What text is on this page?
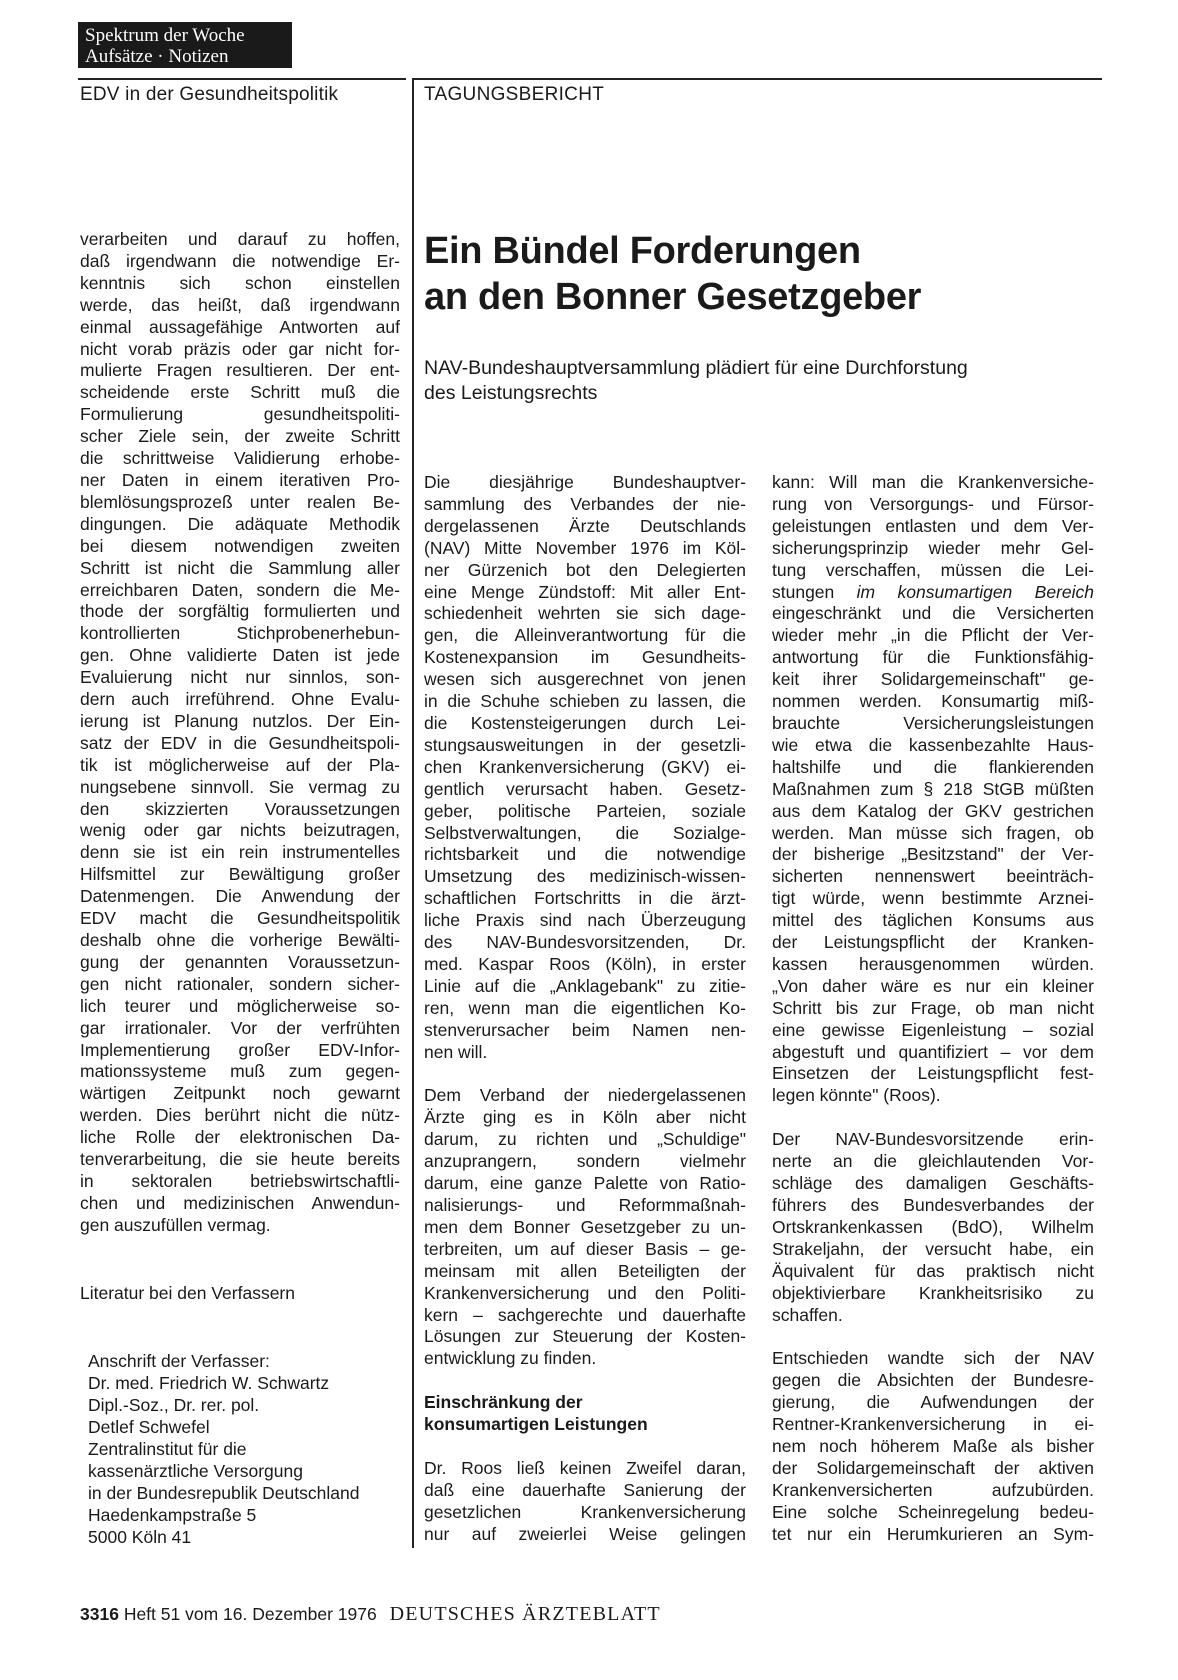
Spektrum der Woche
Aufsätze · Notizen
EDV in der Gesundheitspolitik	TAGUNGSBERICHT
verarbeiten und darauf zu hoffen,
daß irgendwann die notwendige Er-
kenntnis sich schon einstellen
werde, das heißt, daß irgendwann
einmal aussagefähige Antworten auf
nicht vorab präzis oder gar nicht for-
mulierte Fragen resultieren. Der ent-
scheidende erste Schritt muß die
Formulierung gesundheitspoliti-
scher Ziele sein, der zweite Schritt
die schrittweise Validierung erhobe-
ner Daten in einem iterativen Pro-
blemlösungsprozeß unter realen Be-
dingungen. Die adäquate Methodik
bei diesem notwendigen zweiten
Schritt ist nicht die Sammlung aller
erreichbaren Daten, sondern die Me-
thode der sorgfältig formulierten und
kontrollierten Stichprobenerhebun-
gen. Ohne validierte Daten ist jede
Evaluierung nicht nur sinnlos, son-
dern auch irreführend. Ohne Evalu-
ierung ist Planung nutzlos. Der Ein-
satz der EDV in die Gesundheitspoli-
tik ist möglicherweise auf der Pla-
nungsebene sinnvoll. Sie vermag zu
den skizzierten Voraussetzungen
wenig oder gar nichts beizutragen,
denn sie ist ein rein instrumentelles
Hilfsmittel zur Bewältigung großer
Datenmengen. Die Anwendung der
EDV macht die Gesundheitspolitik
deshalb ohne die vorherige Bewälti-
gung der genannten Voraussetzun-
gen nicht rationaler, sondern sicher-
lich teurer und möglicherweise so-
gar irrationaler. Vor der verfrühten
Implementierung großer EDV-Infor-
mationssysteme muß zum gegen-
wärtigen Zeitpunkt noch gewarnt
werden. Dies berührt nicht die nütz-
liche Rolle der elektronischen Da-
tenverarbeitung, die sie heute bereits
in sektoralen betriebswirtschaftli-
chen und medizinischen Anwendun-
gen auszufüllen vermag.
Literatur bei den Verfassern
Anschrift der Verfasser:
Dr. med. Friedrich W. Schwartz
Dipl.-Soz., Dr. rer. pol.
Detlef Schwefel
Zentralinstitut für die
kassenärztliche Versorgung
in der Bundesrepublik Deutschland
Haedenkampstraße 5
5000 Köln 41
Ein Bündel Forderungen
an den Bonner Gesetzgeber
NAV-Bundeshauptversammlung plädiert für eine Durchforstung
des Leistungsrechts
Die diesjährige Bundeshauptver-
sammlung des Verbandes der nie-
dergelassenen Ärzte Deutschlands
(NAV) Mitte November 1976 im Köl-
ner Gürzenich bot den Delegierten
eine Menge Zündstoff: Mit aller Ent-
schiedenheit wehrten sie sich dage-
gen, die Alleinverantwortung für die
Kostenexpansion im Gesundheits-
wesen sich ausgerechnet von jenen
in die Schuhe schieben zu lassen, die
die Kostensteigerungen durch Lei-
stungsausweitungen in der gesetzli-
chen Krankenversicherung (GKV) ei-
gentlich verursacht haben. Gesetz-
geber, politische Parteien, soziale
Selbstverwaltungen, die Sozialge-
richtsbarkeit und die notwendige
Umsetzung des medizinisch-wissen-
schaftlichen Fortschritts in die ärzt-
liche Praxis sind nach Überzeugung
des NAV-Bundesvorsitzenden, Dr.
med. Kaspar Roos (Köln), in erster
Linie auf die „Anklagebank" zu zitie-
ren, wenn man die eigentlichen Ko-
stenverursacher beim Namen nen-
nen will.
Dem Verband der niedergelassenen
Ärzte ging es in Köln aber nicht
darum, zu richten und „Schuldige"
anzuprangern, sondern vielmehr
darum, eine ganze Palette von Ratio-
nalisierungs- und Reformmaßnah-
men dem Bonner Gesetzgeber zu un-
terbreiten, um auf dieser Basis – ge-
meinsam mit allen Beteiligten der
Krankenversicherung und den Politi-
kern – sachgerechte und dauerhafte
Lösungen zur Steuerung der Kosten-
entwicklung zu finden.
Einschränkung der
konsumartigen Leistungen
Dr. Roos ließ keinen Zweifel daran,
daß eine dauerhafte Sanierung der
gesetzlichen Krankenversicherung
nur auf zweierlei Weise gelingen
kann: Will man die Krankenversiche-
rung von Versorgungs- und Fürsor-
geleistungen entlasten und dem Ver-
sicherungsprinzip wieder mehr Gel-
tung verschaffen, müssen die Lei-
stungen im konsumartigen Bereich
eingeschränkt und die Versicherten
wieder mehr „in die Pflicht der Ver-
antwortung für die Funktionsfähig-
keit ihrer Solidargemeinschaft" ge-
nommen werden. Konsumartig miß-
brauchte Versicherungsleistungen
wie etwa die kassenbezahlte Haus-
haltshilfe und die flankierenden
Maßnahmen zum § 218 StGB müßten
aus dem Katalog der GKV gestrichen
werden. Man müsse sich fragen, ob
der bisherige „Besitzstand" der Ver-
sicherten nennenswert beeinträch-
tigt würde, wenn bestimmte Arznei-
mittel des täglichen Konsums aus
der Leistungspflicht der Kranken-
kassen herausgenommen würden.
„Von daher wäre es nur ein kleiner
Schritt bis zur Frage, ob man nicht
eine gewisse Eigenleistung – sozial
abgestuft und quantifiziert – vor dem
Einsetzen der Leistungspflicht fest-
legen könnte" (Roos).
Der NAV-Bundesvorsitzende erin-
nerte an die gleichlautenden Vor-
schläge des damaligen Geschäfts-
führers des Bundesverbandes der
Ortskrankenkassen (BdO), Wilhelm
Strakeljahn, der versucht habe, ein
Äquivalent für das praktisch nicht
objektivierbare Krankheitsrisiko zu
schaffen.
Entschieden wandte sich der NAV
gegen die Absichten der Bundesre-
gierung, die Aufwendungen der
Rentner-Krankenversicherung in ei-
nem noch höherem Maße als bisher
der Solidargemeinschaft der aktiven
Krankenversicherten aufzubürden.
Eine solche Scheinregelung bedeu-
tet nur ein Herumkurieren an Sym-
3316 Heft 51 vom 16. Dezember 1976 DEUTSCHES ÄRZTEBLATT
